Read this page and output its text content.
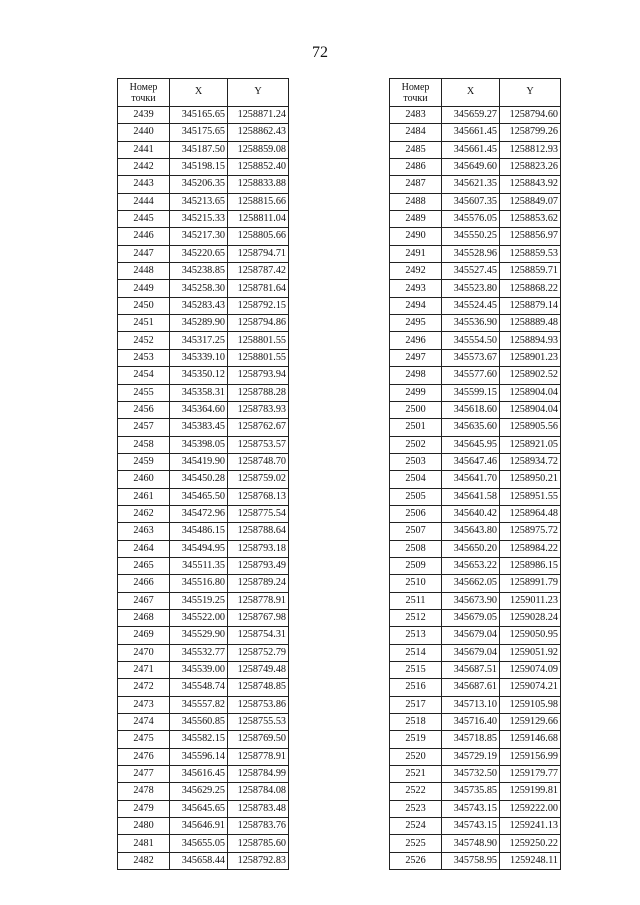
72
Номер
точки	X	Y
2439	345165.65	1258871.24
2440	345175.65	1258862.43
2441	345187.50	1258859.08
2442	345198.15	1258852.40
2443	345206.35	1258833.88
2444	345213.65	1258815.66
2445	345215.33	1258811.04
2446	345217.30	1258805.66
2447	345220.65	1258794.71
2448	345238.85	1258787.42
2449	345258.30	1258781.64
2450	345283.43	1258792.15
2451	345289.90	1258794.86
2452	345317.25	1258801.55
2453	345339.10	1258801.55
2454	345350.12	1258793.94
2455	345358.31	1258788.28
2456	345364.60	1258783.93
2457	345383.45	1258762.67
2458	345398.05	1258753.57
2459	345419.90	1258748.70
2460	345450.28	1258759.02
2461	345465.50	1258768.13
2462	345472.96	1258775.54
2463	345486.15	1258788.64
2464	345494.95	1258793.18
2465	345511.35	1258793.49
2466	345516.80	1258789.24
2467	345519.25	1258778.91
2468	345522.00	1258767.98
2469	345529.90	1258754.31
2470	345532.77	1258752.79
2471	345539.00	1258749.48
2472	345548.74	1258748.85
2473	345557.82	1258753.86
2474	345560.85	1258755.53
2475	345582.15	1258769.50
2476	345596.14	1258778.91
2477	345616.45	1258784.99
2478	345629.25	1258784.08
2479	345645.65	1258783.48
2480	345646.91	1258783.76
2481	345655.05	1258785.60
2482	345658.44	1258792.83
Номер
точки	X	Y
2483	345659.27	1258794.60
2484	345661.45	1258799.26
2485	345661.45	1258812.93
2486	345649.60	1258823.26
2487	345621.35	1258843.92
2488	345607.35	1258849.07
2489	345576.05	1258853.62
2490	345550.25	1258856.97
2491	345528.96	1258859.53
2492	345527.45	1258859.71
2493	345523.80	1258868.22
2494	345524.45	1258879.14
2495	345536.90	1258889.48
2496	345554.50	1258894.93
2497	345573.67	1258901.23
2498	345577.60	1258902.52
2499	345599.15	1258904.04
2500	345618.60	1258904.04
2501	345635.60	1258905.56
2502	345645.95	1258921.05
2503	345647.46	1258934.72
2504	345641.70	1258950.21
2505	345641.58	1258951.55
2506	345640.42	1258964.48
2507	345643.80	1258975.72
2508	345650.20	1258984.22
2509	345653.22	1258986.15
2510	345662.05	1258991.79
2511	345673.90	1259011.23
2512	345679.05	1259028.24
2513	345679.04	1259050.95
2514	345679.04	1259051.92
2515	345687.51	1259074.09
2516	345687.61	1259074.21
2517	345713.10	1259105.98
2518	345716.40	1259129.66
2519	345718.85	1259146.68
2520	345729.19	1259156.99
2521	345732.50	1259179.77
2522	345735.85	1259199.81
2523	345743.15	1259222.00
2524	345743.15	1259241.13
2525	345748.90	1259250.22
2526	345758.95	1259248.11
